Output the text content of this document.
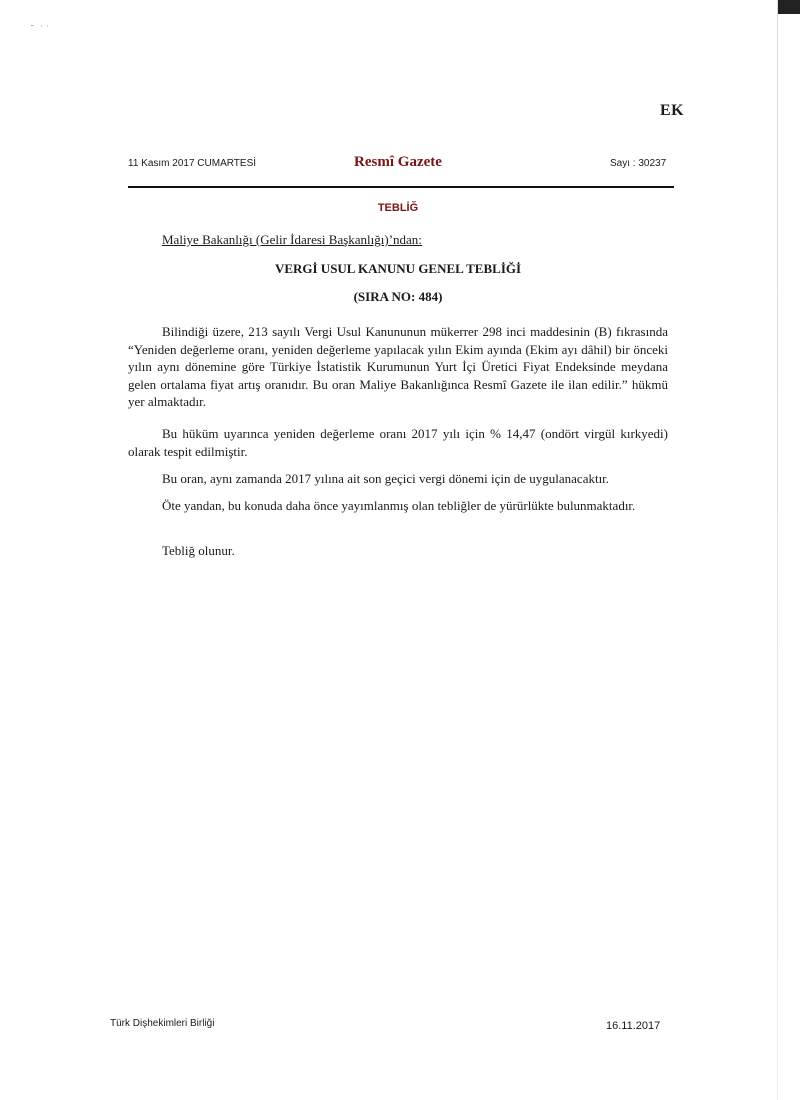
⁃  · ·
EK
11 Kasım 2017 CUMARTESİ	Resmî Gazete	Sayı : 30237
TEBLİĞ
Maliye Bakanlığı (Gelir İdaresi Başkanlığı)’ndan:
VERGİ USUL KANUNU GENEL TEBLİĞİ
(SIRA NO: 484)

Bilindiği üzere, 213 sayılı Vergi Usul Kanununun mükerrer 298 inci maddesinin (B) fıkrasında “Yeniden değerleme oranı, yeniden değerleme yapılacak yılın Ekim ayında (Ekim ayı dâhil) bir önceki yılın aynı dönemine göre Türkiye İstatistik Kurumunun Yurt İçi Üretici Fiyat Endeksinde meydana gelen ortalama fiyat artış oranıdır. Bu oran Maliye Bakanlığınca Resmî Gazete ile ilan edilir.” hükmü yer almaktadır.

Bu hüküm uyarınca yeniden değerleme oranı 2017 yılı için % 14,47 (ondört virgül kırkyedi) olarak tespit edilmiştir.

Bu oran, aynı zamanda 2017 yılına ait son geçici vergi dönemi için de uygulanacaktır.

Öte yandan, bu konuda daha önce yayımlanmış olan tebliğler de yürürlükte bulunmaktadır.

Tebliğ olunur.

Türk Dişhekimleri Birliği	16.11.2017
